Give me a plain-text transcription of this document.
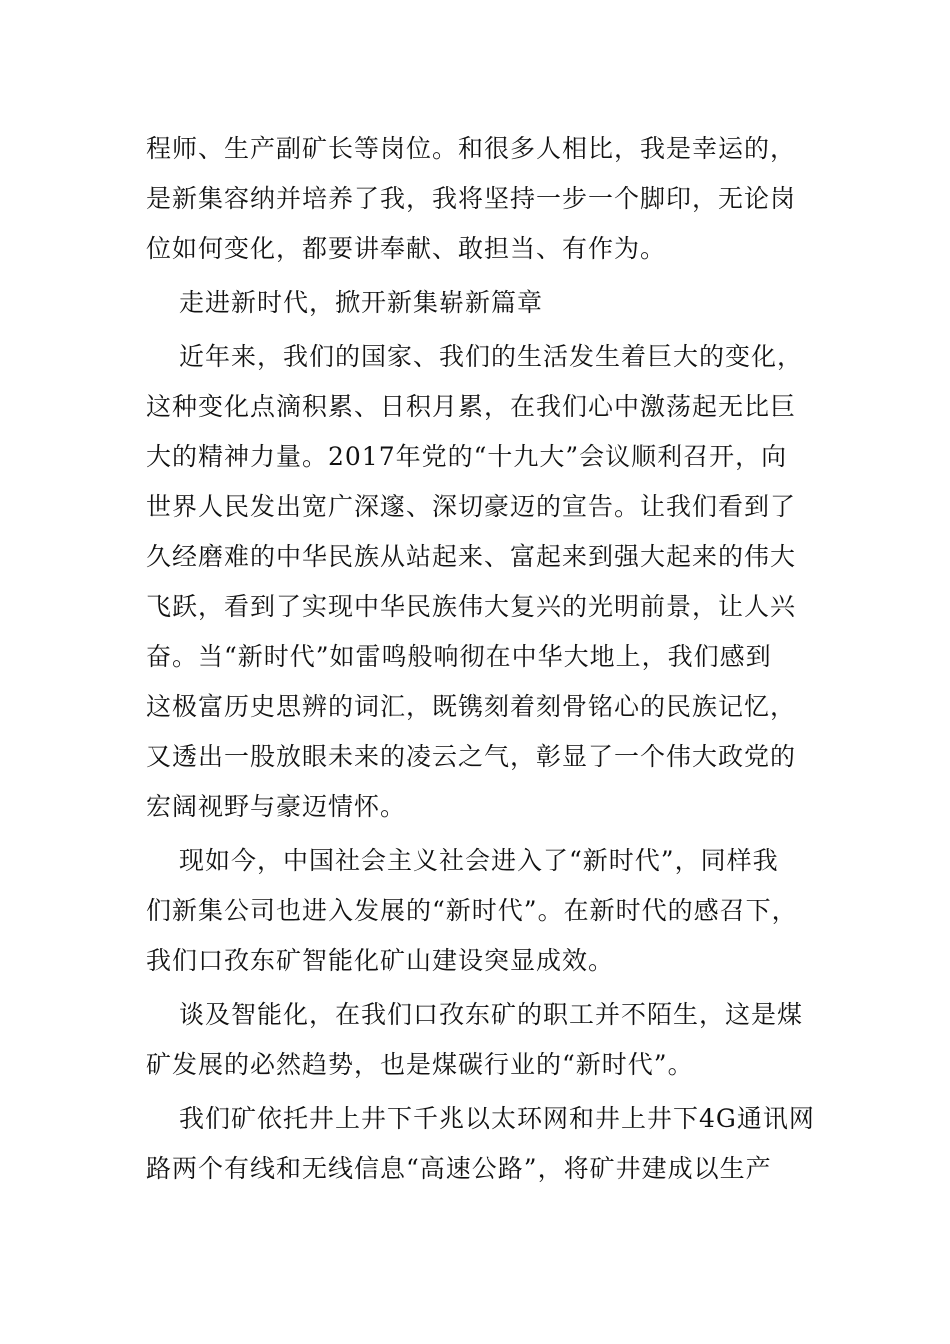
程师、生产副矿长等岗位。和很多人相比，我是幸运的，
是新集容纳并培养了我，我将坚持一步一个脚印，无论岗
位如何变化，都要讲奉献、敢担当、有作为。

走进新时代，掀开新集崭新篇章

近年来，我们的国家、我们的生活发生着巨大的变化，
这种变化点滴积累、日积月累，在我们心中激荡起无比巨
大的精神力量。2017年党的“十九大”会议顺利召开，向
世界人民发出宽广深邃、深切豪迈的宣告。让我们看到了
久经磨难的中华民族从站起来、富起来到强大起来的伟大
飞跃，看到了实现中华民族伟大复兴的光明前景，让人兴
奋。当“新时代”如雷鸣般响彻在中华大地上，我们感到
这极富历史思辨的词汇，既镌刻着刻骨铭心的民族记忆，
又透出一股放眼未来的凌云之气，彰显了一个伟大政党的
宏阔视野与豪迈情怀。

现如今，中国社会主义社会进入了“新时代”，同样我
们新集公司也进入发展的“新时代”。在新时代的感召下，
我们口孜东矿智能化矿山建设突显成效。

谈及智能化，在我们口孜东矿的职工并不陌生，这是煤
矿发展的必然趋势，也是煤碳行业的“新时代”。

我们矿依托井上井下千兆以太环网和井上井下4G通讯网
路两个有线和无线信息“高速公路”，将矿井建成以生产
